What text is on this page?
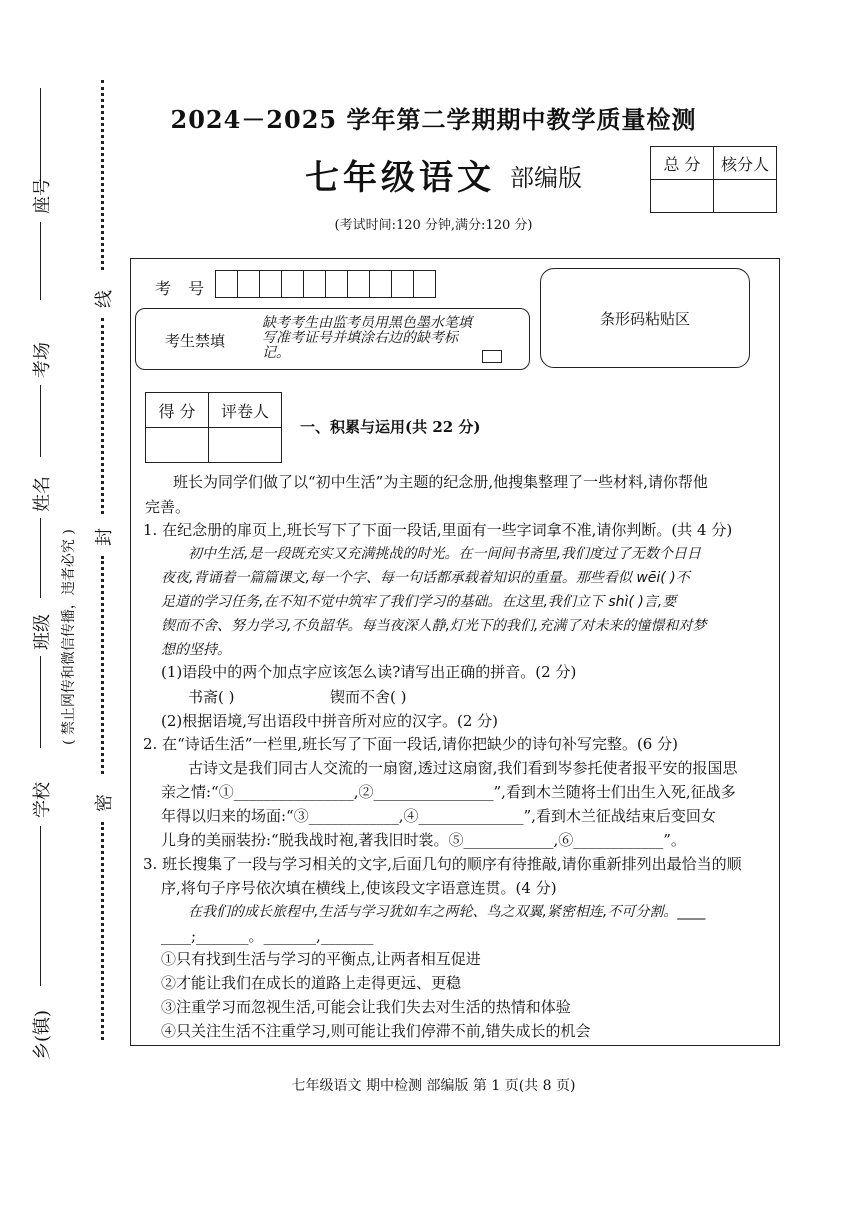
座号
考场
姓名
班级
学校
乡(镇)
( 禁止网传和微信传播，违者必究 )
线
封
密
2024－2025 学年第二学期期中教学质量检测
七年级语文 部编版
(考试时间:120 分钟,满分:120 分)
总 分	核分人

考 号
考生禁填
缺考考生由监考员用黑色墨水笔填写准考证号并填涂右边的缺考标记。
条形码粘贴区
得 分	评卷人

一、积累与运用(共 22 分)
班长为同学们做了以“初中生活”为主题的纪念册,他搜集整理了一些材料,请你帮他
完善。
1. 在纪念册的扉页上,班长写下了下面一段话,里面有一些字词拿不准,请你判断。(共 4 分)
初中生活,是一段既充实又充满挑战的时光。在一间间书斋里,我们度过了无数个日日
夜夜,背诵着一篇篇课文,每一个字、每一句话都承载着知识的重量。那些看似 wēi( )不
足道的学习任务,在不知不觉中筑牢了我们学习的基础。在这里,我们立下 shì( )言,要
锲而不舍、努力学习,不负韶华。每当夜深人静,灯光下的我们,充满了对未来的憧憬和对梦
想的坚持。
(1)语段中的两个加点字应该怎么读?请写出正确的拼音。(2 分)
书斋( )	锲而不舍( )
(2)根据语境,写出语段中拼音所对应的汉字。(2 分)
2. 在“诗话生活”一栏里,班长写了下面一段话,请你把缺少的诗句补写完整。(6 分)
古诗文是我们同古人交流的一扇窗,透过这扇窗,我们看到岑参托使者报平安的报国思
亲之情:“①________________,②________________”,看到木兰随将士们出生入死,征战多
年得以归来的场面:“③____________,④______________”,看到木兰征战结束后变回女
儿身的美丽装扮:“脱我战时袍,著我旧时裳。⑤____________,⑥____________”。
3. 班长搜集了一段与学习相关的文字,后面几句的顺序有待推敲,请你重新排列出最恰当的顺
序,将句子序号依次填在横线上,使该段文字语意连贯。(4 分)
在我们的成长旅程中,生活与学习犹如车之两轮、鸟之双翼,紧密相连,不可分割。____
____;_______。_______,_______
①只有找到生活与学习的平衡点,让两者相互促进
②才能让我们在成长的道路上走得更远、更稳
③注重学习而忽视生活,可能会让我们失去对生活的热情和体验
④只关注生活不注重学习,则可能让我们停滞不前,错失成长的机会
七年级语文 期中检测 部编版 第 1 页(共 8 页)
